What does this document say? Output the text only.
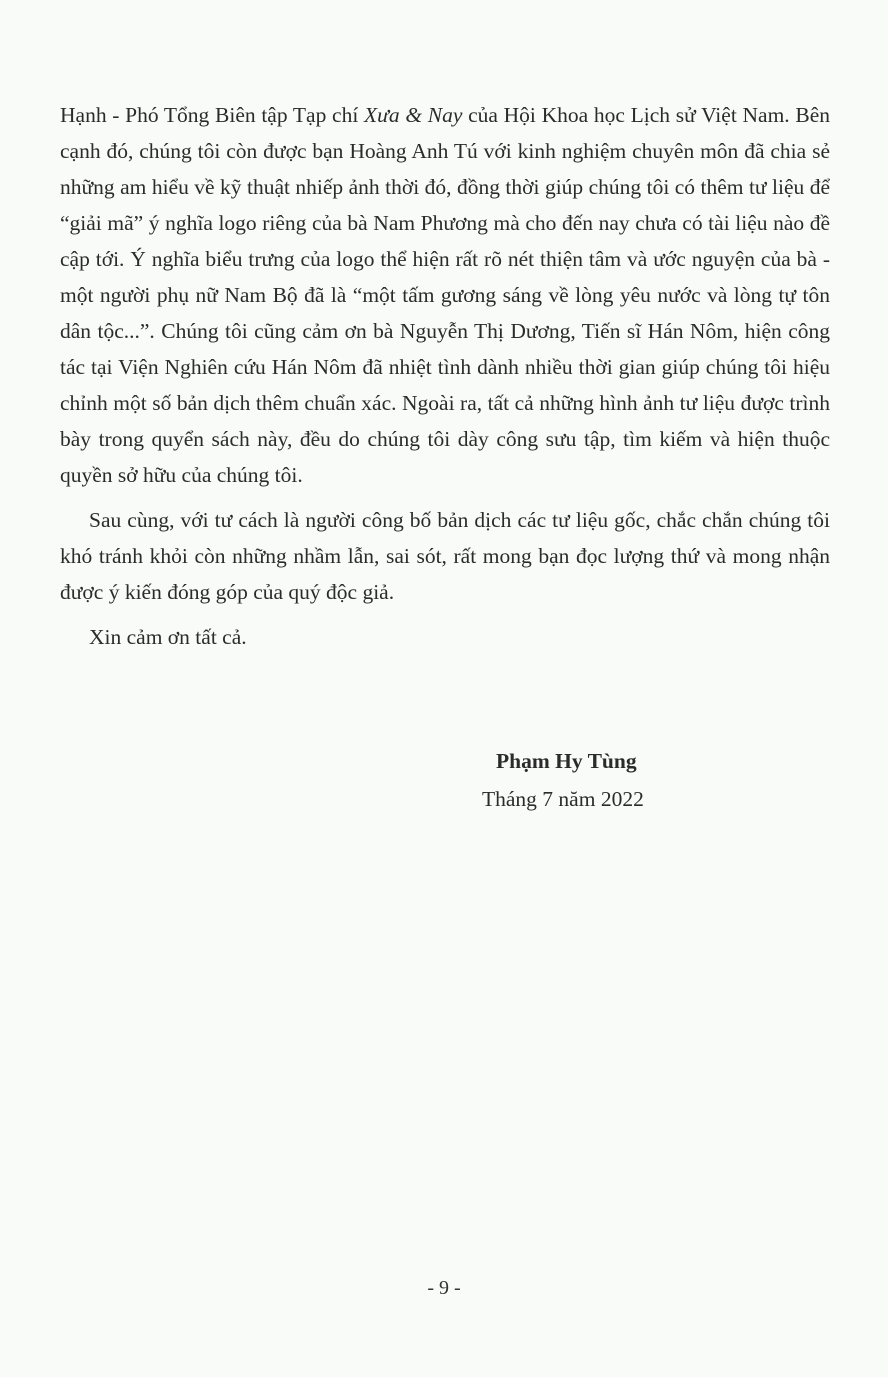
Hạnh - Phó Tổng Biên tập Tạp chí Xưa & Nay của Hội Khoa học Lịch sử Việt Nam. Bên cạnh đó, chúng tôi còn được bạn Hoàng Anh Tú với kinh nghiệm chuyên môn đã chia sẻ những am hiểu về kỹ thuật nhiếp ảnh thời đó, đồng thời giúp chúng tôi có thêm tư liệu để “giải mã” ý nghĩa logo riêng của bà Nam Phương mà cho đến nay chưa có tài liệu nào đề cập tới. Ý nghĩa biểu trưng của logo thể hiện rất rõ nét thiện tâm và ước nguyện của bà - một người phụ nữ Nam Bộ đã là “một tấm gương sáng về lòng yêu nước và lòng tự tôn dân tộc...”. Chúng tôi cũng cảm ơn bà Nguyễn Thị Dương, Tiến sĩ Hán Nôm, hiện công tác tại Viện Nghiên cứu Hán Nôm đã nhiệt tình dành nhiều thời gian giúp chúng tôi hiệu chỉnh một số bản dịch thêm chuẩn xác. Ngoài ra, tất cả những hình ảnh tư liệu được trình bày trong quyển sách này, đều do chúng tôi dày công sưu tập, tìm kiếm và hiện thuộc quyền sở hữu của chúng tôi.

Sau cùng, với tư cách là người công bố bản dịch các tư liệu gốc, chắc chắn chúng tôi khó tránh khỏi còn những nhầm lẫn, sai sót, rất mong bạn đọc lượng thứ và mong nhận được ý kiến đóng góp của quý độc giả.

Xin cảm ơn tất cả.

Phạm Hy Tùng
Tháng 7 năm 2022
- 9 -
